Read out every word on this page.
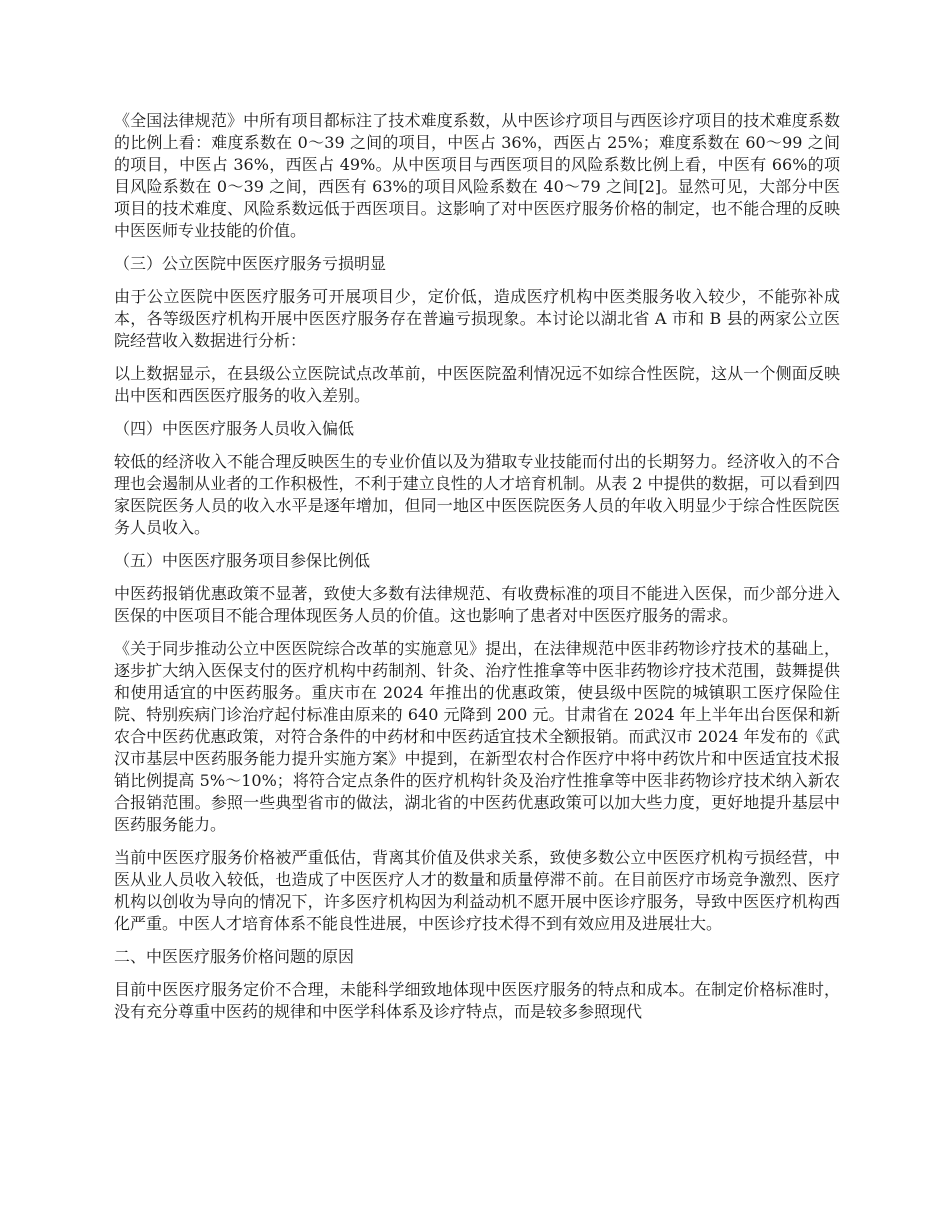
《全国法律规范》中所有项目都标注了技术难度系数，从中医诊疗项目与西医诊疗项目的技术难度系数的比例上看：难度系数在 0～39 之间的项目，中医占 36%，西医占 25%；难度系数在 60～99 之间的项目，中医占 36%，西医占 49%。从中医项目与西医项目的风险系数比例上看，中医有 66%的项目风险系数在 0～39 之间，西医有 63%的项目风险系数在 40～79 之间[2]。显然可见，大部分中医项目的技术难度、风险系数远低于西医项目。这影响了对中医医疗服务价格的制定，也不能合理的反映中医医师专业技能的价值。

（三）公立医院中医医疗服务亏损明显

由于公立医院中医医疗服务可开展项目少，定价低，造成医疗机构中医类服务收入较少，不能弥补成本，各等级医疗机构开展中医医疗服务存在普遍亏损现象。本讨论以湖北省 A 市和 B 县的两家公立医院经营收入数据进行分析：

以上数据显示，在县级公立医院试点改革前，中医医院盈利情况远不如综合性医院，这从一个侧面反映出中医和西医医疗服务的收入差别。

（四）中医医疗服务人员收入偏低

较低的经济收入不能合理反映医生的专业价值以及为猎取专业技能而付出的长期努力。经济收入的不合理也会遏制从业者的工作积极性，不利于建立良性的人才培育机制。从表 2 中提供的数据，可以看到四家医院医务人员的收入水平是逐年增加，但同一地区中医医院医务人员的年收入明显少于综合性医院医务人员收入。

（五）中医医疗服务项目参保比例低

中医药报销优惠政策不显著，致使大多数有法律规范、有收费标准的项目不能进入医保，而少部分进入医保的中医项目不能合理体现医务人员的价值。这也影响了患者对中医医疗服务的需求。

《关于同步推动公立中医医院综合改革的实施意见》提出，在法律规范中医非药物诊疗技术的基础上，逐步扩大纳入医保支付的医疗机构中药制剂、针灸、治疗性推拿等中医非药物诊疗技术范围，鼓舞提供和使用适宜的中医药服务。重庆市在 2024 年推出的优惠政策，使县级中医院的城镇职工医疗保险住院、特别疾病门诊治疗起付标准由原来的 640 元降到 200 元。甘肃省在 2024 年上半年出台医保和新农合中医药优惠政策，对符合条件的中药材和中医药适宜技术全额报销。而武汉市 2024 年发布的《武汉市基层中医药服务能力提升实施方案》中提到，在新型农村合作医疗中将中药饮片和中医适宜技术报销比例提高 5%～10%；将符合定点条件的医疗机构针灸及治疗性推拿等中医非药物诊疗技术纳入新农合报销范围。参照一些典型省市的做法，湖北省的中医药优惠政策可以加大些力度，更好地提升基层中医药服务能力。

当前中医医疗服务价格被严重低估，背离其价值及供求关系，致使多数公立中医医疗机构亏损经营，中医从业人员收入较低，也造成了中医医疗人才的数量和质量停滞不前。在目前医疗市场竞争激烈、医疗机构以创收为导向的情况下，许多医疗机构因为利益动机不愿开展中医诊疗服务，导致中医医疗机构西化严重。中医人才培育体系不能良性进展，中医诊疗技术得不到有效应用及进展壮大。

二、中医医疗服务价格问题的原因

目前中医医疗服务定价不合理，未能科学细致地体现中医医疗服务的特点和成本。在制定价格标准时，没有充分尊重中医药的规律和中医学科体系及诊疗特点，而是较多参照现代
